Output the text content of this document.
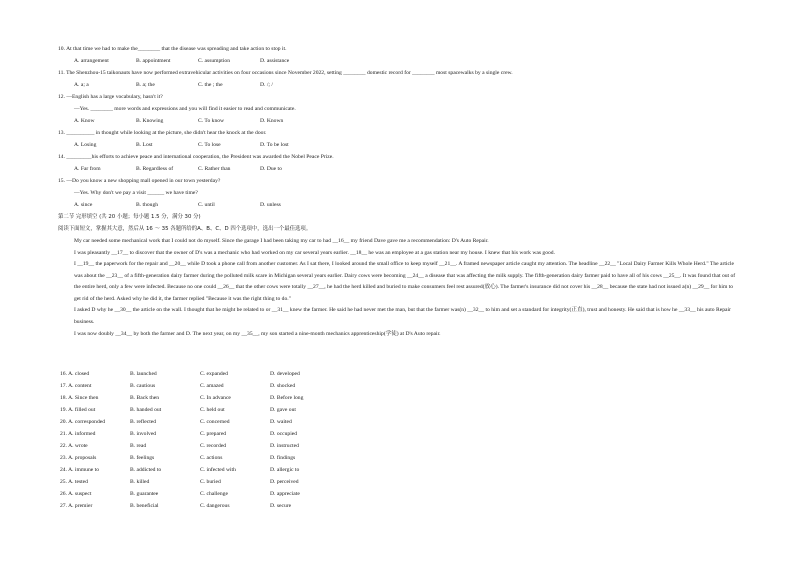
10. At that time we had to make the________ that the disease was spreading and take action to stop it.
A. arrangement	B. appointment	C. assumption	D. assistance
11. The Shenzhou-15 taikonauts have now performed extravehicular activities on four occasions since November 2022, setting ________ domestic record for ________ most spacewalks by a single crew.
A. a; a	B. a; the	C. the ; the	D. /; /
12. —English has a large vocabulary, hasn't it?
—Yes. ________ more words and expressions and you will find it easier to read and communicate.
A. Know	B. Knowing	C. To know	D. Known
13. __________ in thought while looking at the picture, she didn't hear the knock at the door.
A. Losing	B. Lost	C. To lose	D. To be lost
14. _________his efforts to achieve peace and international cooperation, the President was awarded the Nobel Peace Prize.
A. Far from	B. Regardless of	C. Rather than	D. Due to
15. —Do you know a new shopping mall opened in our town yesterday?
—Yes. Why don't we pay a visit ______ we have time?
A. since	B. though	C. until	D. unless
第二节 完形填空 (共 20 小题；每小题 1.5 分，满分 30 分)
阅读下面短文，掌握其大意，然后从 16 ～ 35 各题所给的A、B、C、D 四个选项中，选出一个最佳选项。
My car needed some mechanical work that I could not do myself. Since the garage I had been taking my car to had __16__ my friend Dave gave me a recommendation: D's Auto Repair.
I was pleasantly __17__ to discover that the owner of D's was a mechanic who had worked on my car several years earlier. __18__ he was an employee at a gas station near my house. I knew that his work was good.
I __19__ the paperwork for the repair and __20__ while D took a phone call from another customer. As I sat there, I looked around the small office to keep myself __21__. A framed newspaper article caught my attention. The headline __22__ "Local Dairy Farmer Kills Whole Herd." The article was about the __23__ of a fifth-generation dairy farmer during the polluted milk scare in Michigan several years earlier. Dairy cows were becoming __24__ a disease that was affecting the milk supply. The fifth-generation dairy farmer paid to have all of his cows __25__. It was found that out of the entire herd, only a few were infected. Because no one could __26__ that the other cows were totally __27__, he had the herd killed and buried to make consumers feel rest assured(放心). The farmer's insurance did not cover his __28__ because the state had not issued a(n) __29__ for him to get rid of the herd. Asked why he did it, the farmer replied "Because it was the right thing to do."
I asked D why he __30__ the article on the wall. I thought that he might be related to or __31__ knew the farmer. He said he had never met the man, but that the farmer was(n) __32__ to him and set a standard for integrity(正直), trust and honesty. He said that is how he __33__ his auto Repair business.
I was now doubly __34__ by both the farmer and D. The next year, on my __35__, my son started a nine-month mechanics apprenticeship(学徒) at D's Auto repair.
16. A. closed	B. launched	C. expanded	D. developed
17. A. content	B. cautious	C. amazed	D. shocked
18. A. Since then	B. Back then	C. In advance	D. Before long
19. A. filled out	B. handed out	C. held out	D. gave out
20. A. corresponded	B. reflected	C. concerned	D. waited
21. A. informed	B. involved	C. prepared	D. occupied
22. A. wrote	B. read	C. recorded	D. instructed
23. A. proposals	B. feelings	C. actions	D. findings
24. A. immune to	B. addicted to	C. infected with	D. allergic to
25. A. tested	B. killed	C. buried	D. perceived
26. A. suspect	B. guarantee	C. challenge	D. appreciate
27. A. premier	B. beneficial	C. dangerous	D. secure
